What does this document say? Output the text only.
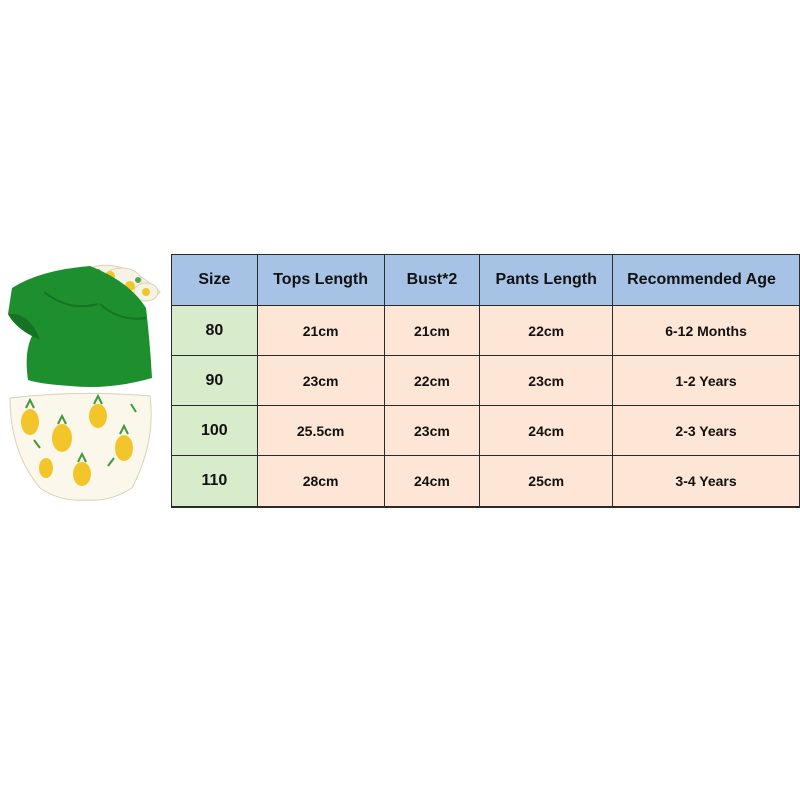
Size	Tops Length	Bust*2	Pants Length	Recommended Age
80	21cm	21cm	22cm	6-12 Months
90	23cm	22cm	23cm	1-2 Years
100	25.5cm	23cm	24cm	2-3 Years
110	28cm	24cm	25cm	3-4 Years
